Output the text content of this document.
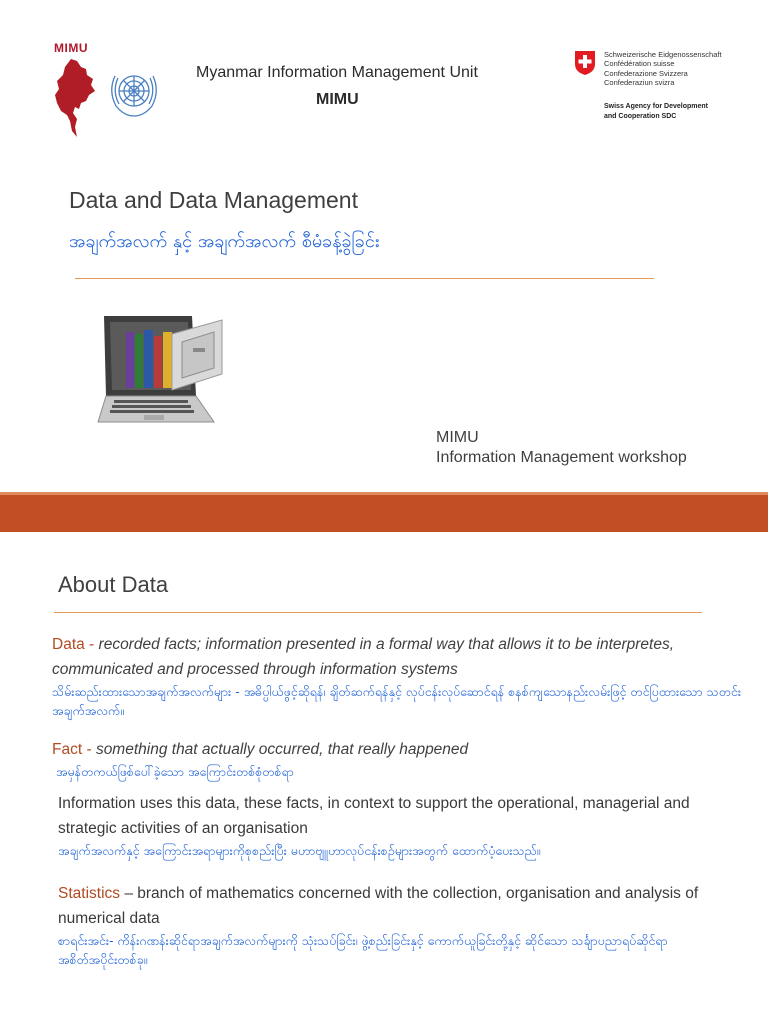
MIMU
Myanmar Information Management Unit
MIMU
Schweizerische Eidgenossenschaft
Confédération suisse
Confederazione Svizzera
Confederaziun svizra
Swiss Agency for Development
and Cooperation SDC
Data and Data Management
အချက်အလက် နှင့် အချက်အလက် စီမံခန့်ခွဲခြင်း
MIMU
Information Management workshop
About Data
Data - recorded facts; information presented in a formal way that allows it to be interpretes, communicated and processed through information systems
သိမ်းဆည်းထားသောအချက်အလက်များ - အဓိပ္ပါယ်ဖွင့်ဆိုရန်၊ ချိတ်ဆက်ရန်နှင့် လုပ်ငန်းလုပ်ဆောင်ရန် စနစ်ကျသောနည်းလမ်းဖြင့် တင်ပြထားသော သတင်းအချက်အလက်။
Fact - something that actually occurred, that really happened
အမှန်တကယ်ဖြစ်ပေါ်ခဲ့သော အကြောင်းတစ်စုံတစ်ရာ
Information uses this data, these facts, in context to support the operational, managerial and strategic activities of an organisation
အချက်အလက်နှင့် အကြောင်းအရာများကိုစုစည်းပြီး မဟာဗျူဟာလုပ်ငန်းစဉ်များအတွက် ထောက်ပံ့ပေးသည်။
Statistics – branch of mathematics concerned with the collection, organisation and analysis of numerical data
စာရင်းအင်း- ကိန်းဂဏန်းဆိုင်ရာအချက်အလက်များကို သုံးသပ်ခြင်း၊ ဖွဲ့စည်းခြင်းနှင့် ကောက်ယူခြင်းတို့နှင့် ဆိုင်သော သင်္ချာပညာရပ်ဆိုင်ရာ အစိတ်အပိုင်းတစ်ခု။
